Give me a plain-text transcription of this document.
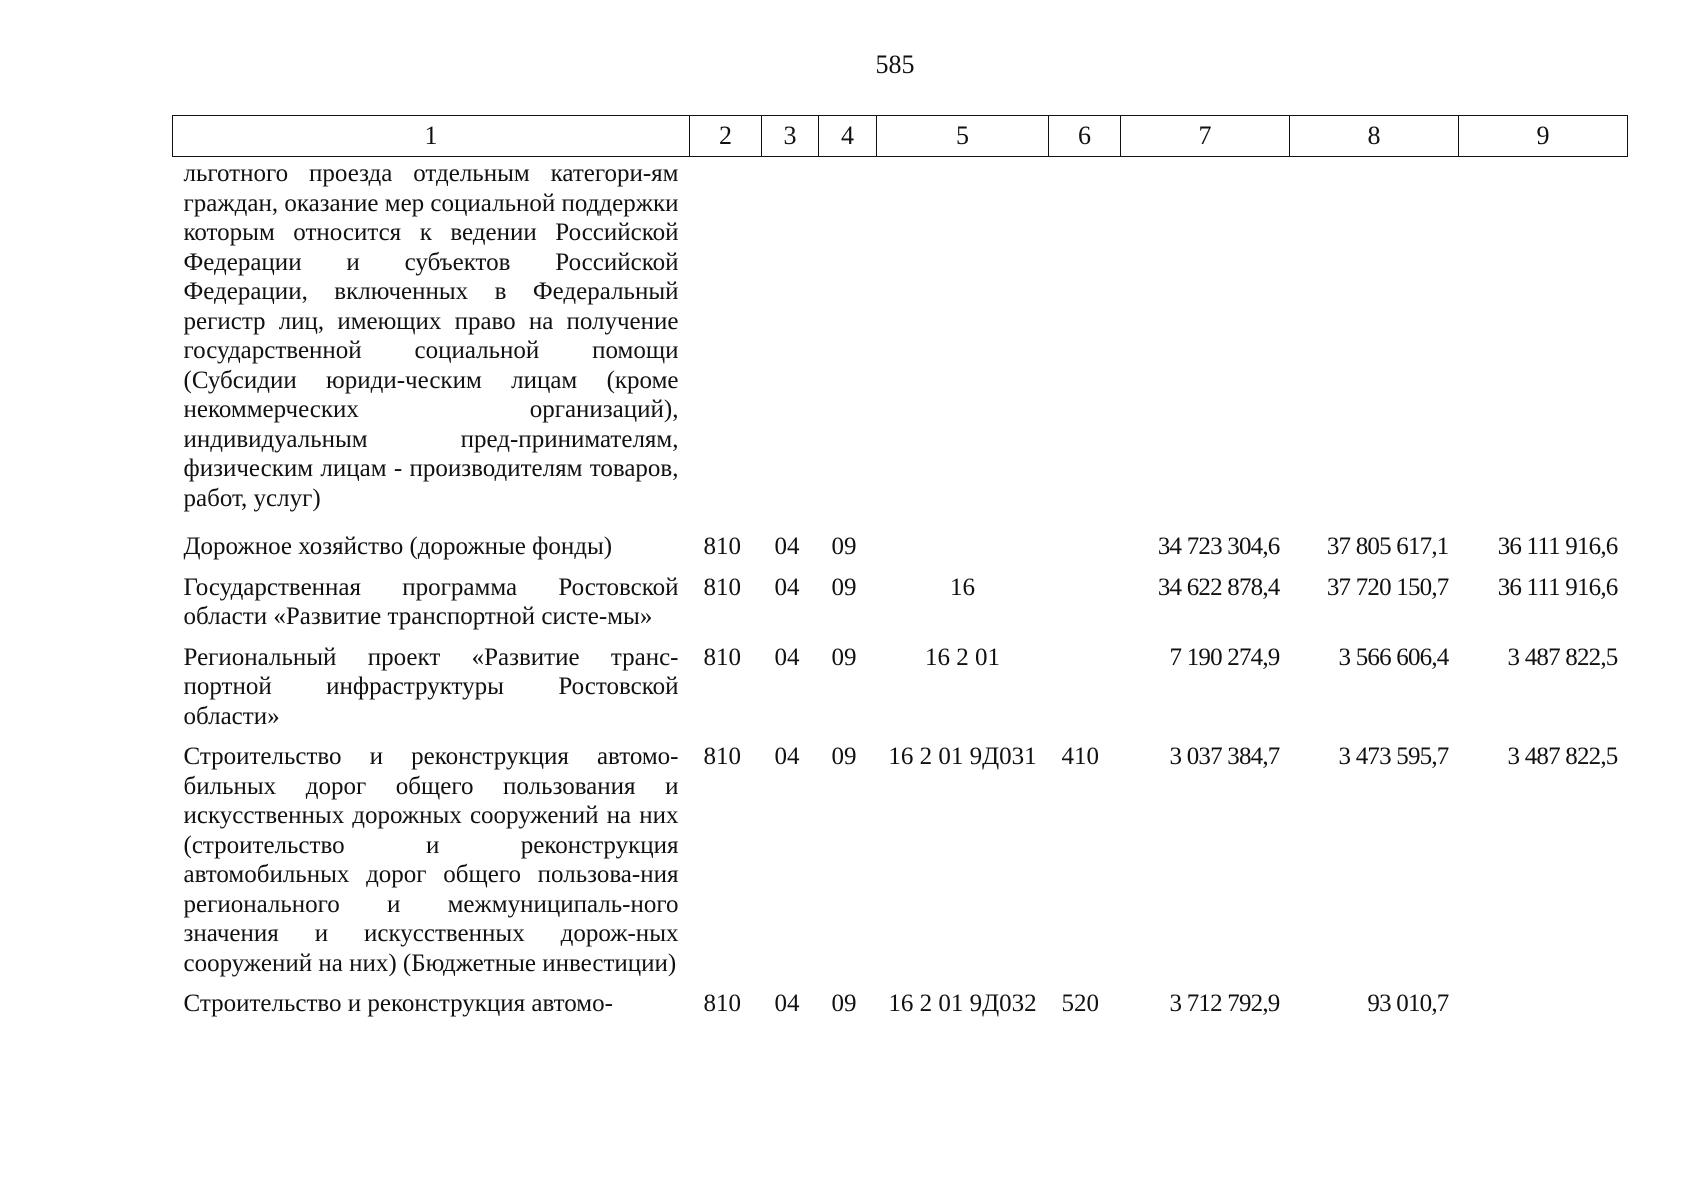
585
1	2	3	4	5	6	7	8	9
льготного проезда отдельным категори-ям граждан, оказание мер социальной поддержки которым относится к ведении Российской Федерации и субъектов Российской Федерации, включенных в Федеральный регистр лиц, имеющих право на получение государственной социальной помощи (Субсидии юриди-ческим лицам (кроме некоммерческих организаций), индивидуальным пред-принимателям, физическим лицам - производителям товаров, работ, услуг)								
Дорожное хозяйство (дорожные фонды)	810	04	09			34 723 304,6	37 805 617,1	36 111 916,6
Государственная программа Ростовской области «Развитие транспортной систе-мы»	810	04	09	16		34 622 878,4	37 720 150,7	36 111 916,6
Региональный проект «Развитие транс-портной инфраструктуры Ростовской области»	810	04	09	16 2 01		7 190 274,9	3 566 606,4	3 487 822,5
Строительство и реконструкция автомо-бильных дорог общего пользования и искусственных дорожных сооружений на них (строительство и реконструкция автомобильных дорог общего пользова-ния регионального и межмуниципаль-ного значения и искусственных дорож-ных сооружений на них) (Бюджетные инвестиции)	810	04	09	16 2 01 9Д031	410	3 037 384,7	3 473 595,7	3 487 822,5
Строительство и реконструкция автомо-	810	04	09	16 2 01 9Д032	520	3 712 792,9	93 010,7	
